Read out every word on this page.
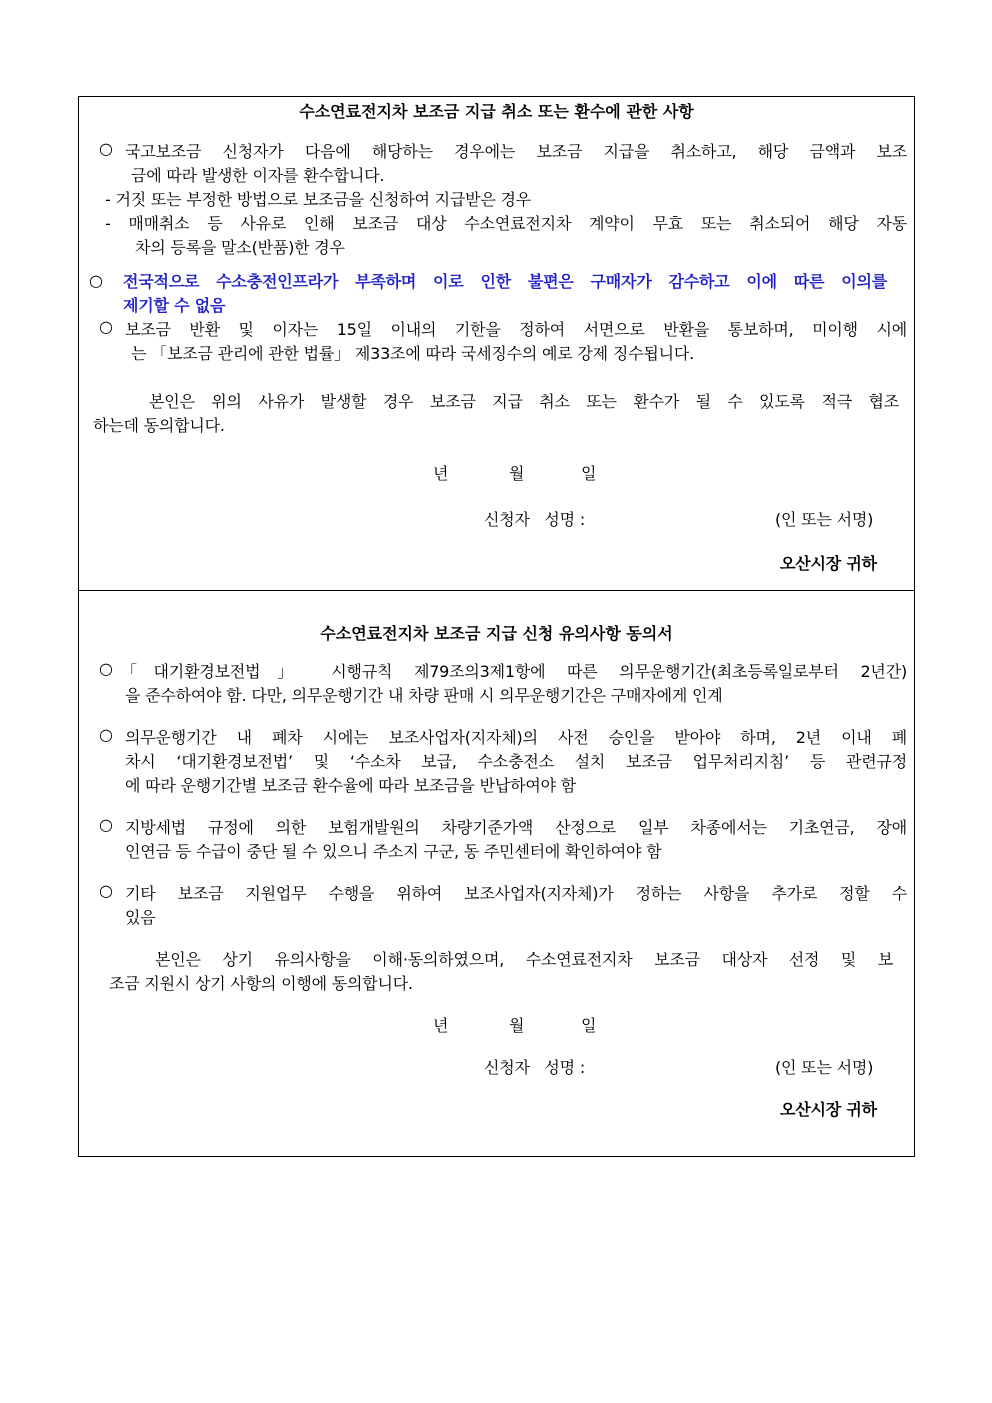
수소연료전지차 보조금 지급 취소 또는 환수에 관한 사항
○ 국고보조금 신청자가 다음에 해당하는 경우에는 보조금 지급을 취소하고, 해당 금액과 보조
금에 따라 발생한 이자를 환수합니다.
- 거짓 또는 부정한 방법으로 보조금을 신청하여 지급받은 경우
- 매매취소 등 사유로 인해 보조금 대상 수소연료전지차 계약이 무효 또는 취소되어 해당 자동
차의 등록을 말소(반품)한 경우
○ 전국적으로 수소충전인프라가 부족하며 이로 인한 불편은 구매자가 감수하고 이에 따른 이의를
제기할 수 없음
○ 보조금 반환 및 이자는 15일 이내의 기한을 정하여 서면으로 반환을 통보하며, 미이행 시에
는 「보조금 관리에 관한 법률」 제33조에 따라 국세징수의 예로 강제 징수됩니다.
본인은 위의 사유가 발생할 경우 보조금 지급 취소 또는 환수가 될 수 있도록 적극 협조
하는데 동의합니다.
년	월	일
신청자   성명 :	(인 또는 서명)
오산시장 귀하
수소연료전지차 보조금 지급 신청 유의사항 동의서
○ 「대기환경보전법」 시행규칙 제79조의3제1항에 따른 의무운행기간(최초등록일로부터 2년간)
을 준수하여야 함. 다만, 의무운행기간 내 차량 판매 시 의무운행기간은 구매자에게 인계
○ 의무운행기간 내 폐차 시에는 보조사업자(지자체)의 사전 승인을 받아야 하며, 2년 이내 폐
차시 ‘대기환경보전법’ 및 ‘수소차 보급, 수소충전소 설치 보조금 업무처리지침’ 등 관련규정
에 따라 운행기간별 보조금 환수율에 따라 보조금을 반납하여야 함
○ 지방세법 규정에 의한 보험개발원의 차량기준가액 산정으로 일부 차종에서는 기초연금, 장애
인연금 등 수급이 중단 될 수 있으니 주소지 구군, 동 주민센터에 확인하여야 함
○ 기타 보조금 지원업무 수행을 위하여 보조사업자(지자체)가 정하는 사항을 추가로 정할 수
있음
본인은 상기 유의사항을 이해·동의하였으며, 수소연료전지차 보조금 대상자 선정 및 보
조금 지원시 상기 사항의 이행에 동의합니다.
년	월	일
신청자   성명 :	(인 또는 서명)
오산시장 귀하
